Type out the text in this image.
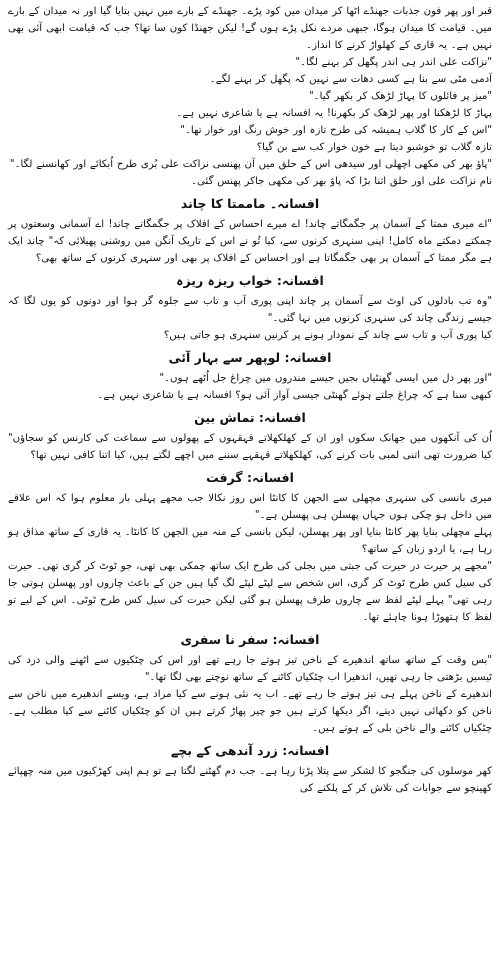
قبر اور پھر فون جذبات جھنڈے اٹھا کر میدان میں کود پڑے۔ جھنڈے کے بارے میں نہیں بتایا گیا اور نہ میدان کے بارے میں۔ قیامت کا میدان ہوگا، جبھی مردے نکل پڑے ہوں گے! لیکن جھنڈا کون سا تھا؟ جب کہ قیامت ابھی آئی بھی نہیں ہے۔ یہ قاری کے کھلواڑ کرنے کا انداز۔

"نزاکت علی اندر ہی اندر پگھل کر بہنے لگا۔"

آدمی مٹی سے بنا ہے کسی دھات سے نہیں کہ پگھل کر بہنے لگے۔

"میز پر فائلوں کا پہاڑ لڑھک کر بکھر گیا۔"

پہاڑ کا لڑھکنا اور پھر لڑھک کر بکھرنا! یہ افسانہ ہے یا شاعری نہیں ہے۔

"اس کے کار کا گلاب ہمیشہ کی طرح تازہ اور خوش رنگ اور خوار تھا۔"

تازہ گلاب تو خوشبو دیتا ہے خون خوار کب سے بن گیا؟

"پاؤ بھر کی مکھی اچھلی اور سیدھی اس کے حلق میں آن پھنسی نزاکت علی بُری طرح اُبکائے اور کھانسنے لگا۔"

نام نزاکت علی اور حلق اتنا بڑا کہ پاؤ بھر کی مکھی جاکر پھنس گئی۔

افسانہ۔ ماممتا کا چاند

"اے میری ممتا کے آسمان پر جگمگاتے چاند! اے میرے احساس کے افلاک پر جگمگاتے چاند! اے آسمانی وسعتوں پر چمکتے دمکتے ماہ کامل! اپنی سنہری کرنوں سے، کیا تُو نے اس کے تاریک آنگن میں روشنی پھیلائی کہ" چاند ایک ہے مگر ممتا کے آسمان پر بھی جگمگاتا ہے اور احساس کے افلاک پر بھی اور سنہری کرنوں کے ساتھ بھی؟

افسانہ: خواب ریزہ ریزہ

"وہ تب بادلوں کی اوٹ سے آسمان پر چاند اپنی پوری آب و تاب سے جلوہ گر ہوا اور دونوں کو یوں لگا کہ جیسے زندگی چاند کی سنہری کرنوں میں نہا گئی۔"

کیا پوری آب و تاب سے چاند کے نمودار ہونے پر کرنیں سنہری ہو جاتی ہیں؟

افسانہ: لوپھر سے بہار آئی

"اور پھر دل میں ایسی گھنٹیاں بجیں جیسے مندروں میں چراغ جل اُٹھے ہوں۔"

کبھی سنا ہے کہ چراغ جلتے ہوئے گھنٹی جیسی آواز آئی ہو؟ افسانہ ہے یا شاعری نہیں ہے۔

افسانہ: تماش بین

اُن کی آنکھوں میں جھانک سکوں اور ان کے کھلکھلاتے قہقہوں کے پھولوں سے سماعت کی کارنس کو سجاؤں" کیا ضرورت تھی اتنی لمبی بات کرنے کی، کھلکھلاتے قہقہے سننے میں اچھے لگتے ہیں، کیا اتنا کافی نہیں تھا؟

افسانہ: گرفت

میری بانسی کی سنہری مچھلی سے الجھن کا کانٹا اس روز نکالا جب مجھے پہلی بار معلوم ہوا کہ اس علاقے میں داخل ہو چکی ہوں جہاں پھسلن ہی پھسلن ہے۔"

پہلے مچھلی بنایا پھر کانٹا بنایا اور پھر پھسلن، لیکن بانسی کے منہ میں الجھن کا کانٹا۔ یہ قاری کے ساتھ مذاق ہو رہا ہے، یا اردو زبان کے ساتھ؟

"مجھے پر حیرت در حیرت کی جبتی میں بجلی کی طرح ایک ساتھ چمکی بھی تھی، جو ٹوٹ کر گری تھی۔ حیرت کی سیل کس طرح ٹوٹ کر گری، اس شخص سے لپٹے لپٹے لگ گیا ہیں جن کے باعث چاروں اور پھسلن ہوتی جا رہی تھی" پہلے لپٹے لفظ سے چاروں طرف پھسلن ہو گئی لیکن حیرت کی سیل کس طرح ٹوٹی۔ اس کے لیے تو لفظ کا ہتھوڑا ہونا چاہئے تھا۔

افسانہ: سفر نا سفری

"بس وقت کے ساتھ ساتھ اندھیرے کے ناخن تیز ہوتے جا رہے تھے اور اس کی چٹکیوں سے اٹھنے والی درد کی ٹیسیں بڑھتی جا رہی تھیں، اندھیرا اب چٹکیاں کاٹنے کے ساتھ نوچنے بھی لگا تھا۔"

اندھیرے کے ناخن پہلے ہی تیز ہوتے جا رہے تھے۔ اب یہ نئی ہونے سے کیا مراد ہے، ویسے اندھیرے میں ناخن سے ناخن کو دکھائی نہیں دیتے، اگر دیکھا کرتے ہیں جو چیر پھاڑ کرتے ہیں ان کو چٹکیاں کاٹنے سے کیا مطلب ہے۔ چٹکیاں کاٹنے والے ناخن بلی کے ہوتے ہیں۔

افسانہ: زرد آندھی کے بچے

کھر موسلوں کی جنگجو کا لشکر سے پتلا پڑتا رہا ہے۔ جب دم گھٹنے لگتا ہے تو ہم اپنی کھڑکیوں میں منہ چھپائے کھینچو سے جوابات کی تلاش کر کے پلکنے کی
